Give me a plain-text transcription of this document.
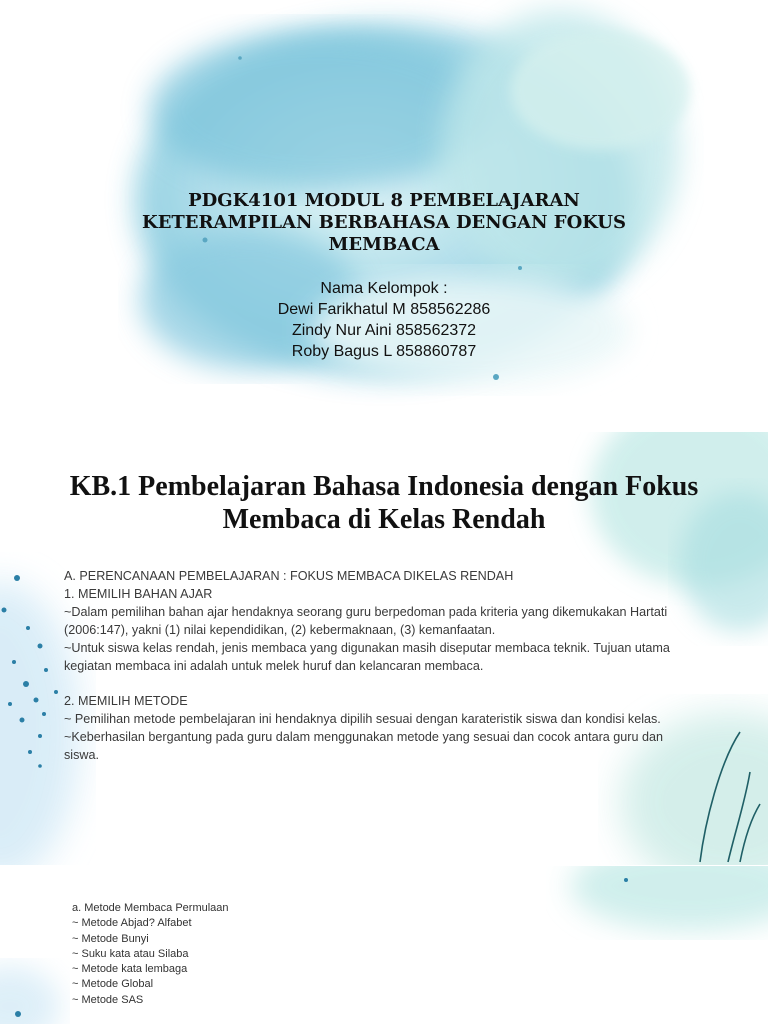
PDGK4101 MODUL 8 PEMBELAJARAN
KETERAMPILAN BERBAHASA DENGAN FOKUS
MEMBACA
Nama Kelompok :
Dewi Farikhatul M 858562286
Zindy Nur Aini 858562372
Roby Bagus L 858860787
KB.1 Pembelajaran Bahasa Indonesia dengan Fokus
Membaca di Kelas Rendah
A. PERENCANAAN PEMBELAJARAN : FOKUS MEMBACA DIKELAS RENDAH
1. MEMILIH BAHAN AJAR
~Dalam pemilihan bahan ajar hendaknya seorang guru berpedoman pada kriteria yang dikemukakan Hartati (2006:147), yakni (1) nilai kependidikan, (2) kebermaknaan, (3) kemanfaatan.
~Untuk siswa kelas rendah, jenis membaca yang digunakan masih diseputar membaca teknik. Tujuan utama kegiatan membaca ini adalah untuk melek huruf dan kelancaran membaca.
2. MEMILIH METODE
~ Pemilihan metode pembelajaran ini hendaknya dipilih sesuai dengan karateristik siswa dan kondisi kelas.
~Keberhasilan bergantung pada guru dalam menggunakan metode yang sesuai dan cocok antara guru dan siswa.
a. Metode Membaca Permulaan
~ Metode Abjad? Alfabet
~ Metode Bunyi
~ Suku kata atau Silaba
~ Metode kata lembaga
~ Metode Global
~ Metode SAS
